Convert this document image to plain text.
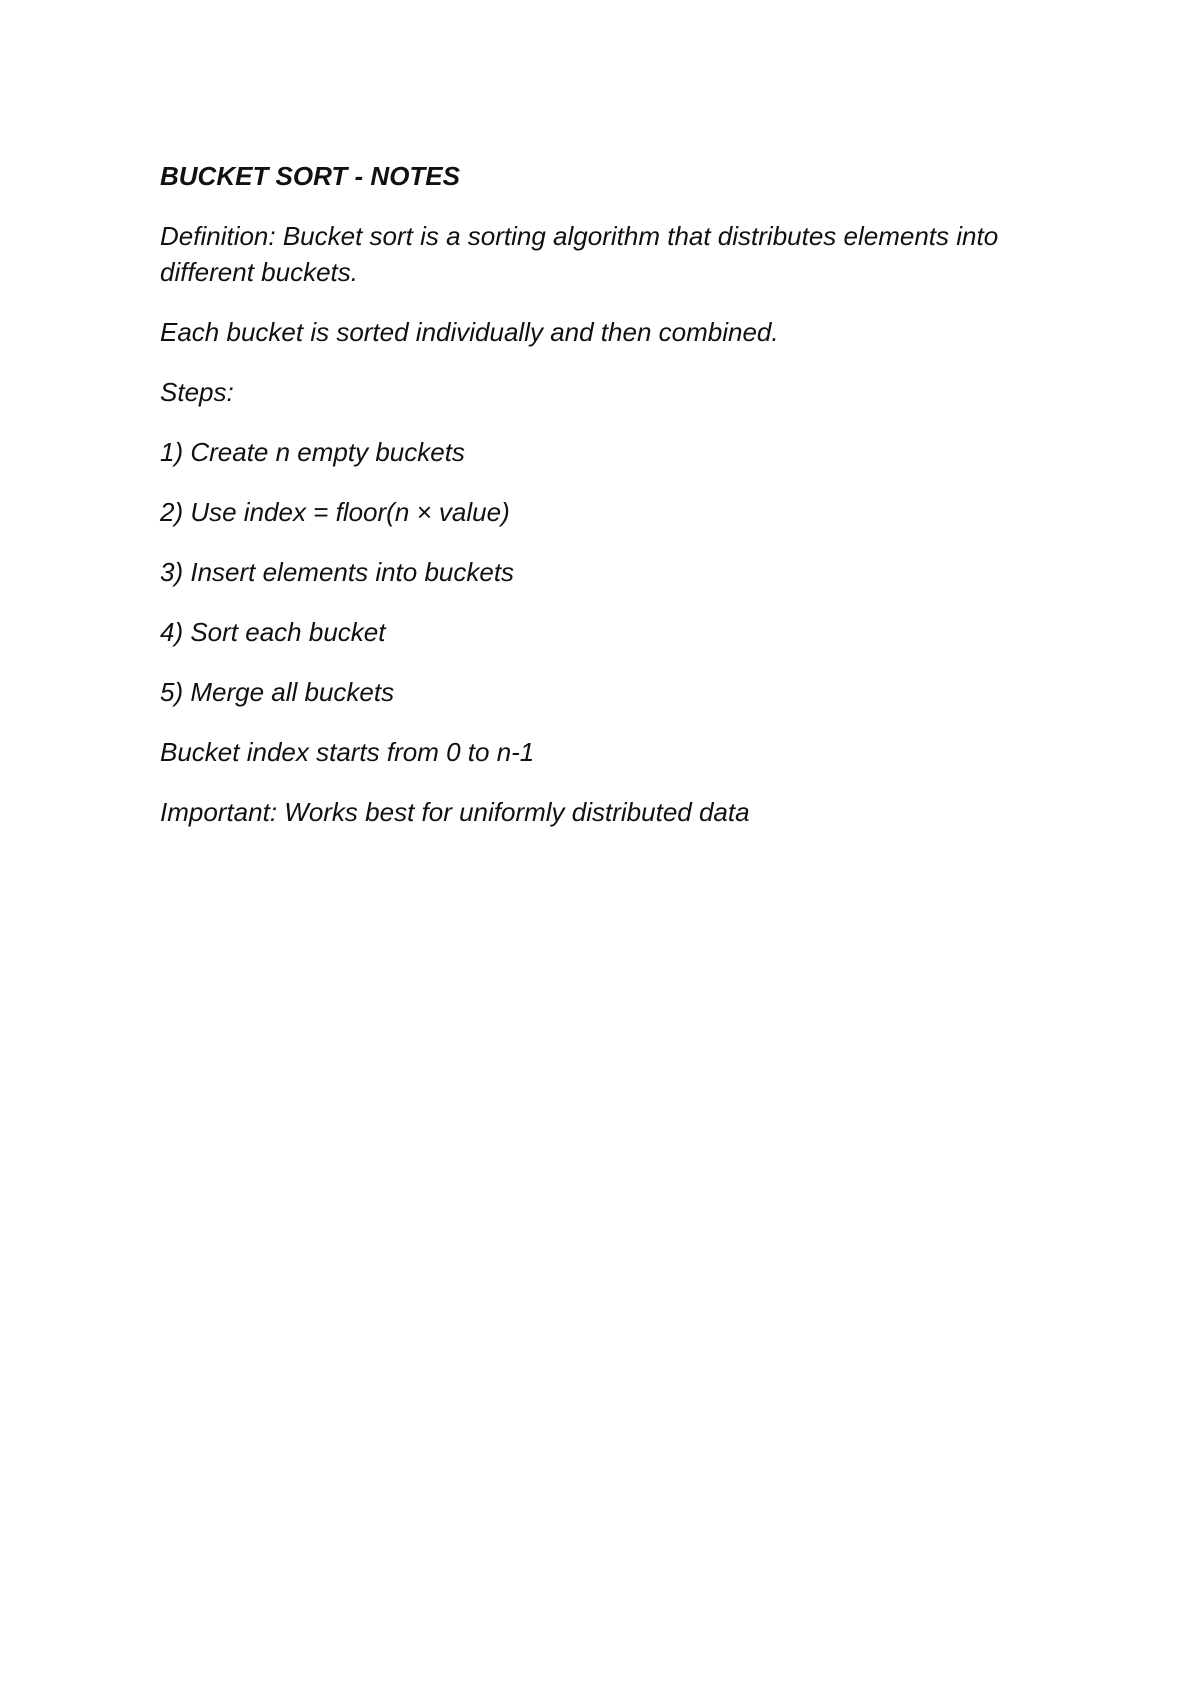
BUCKET SORT - NOTES
Definition: Bucket sort is a sorting algorithm that distributes elements into different buckets.
Each bucket is sorted individually and then combined.
Steps:
1) Create n empty buckets
2) Use index = floor(n × value)
3) Insert elements into buckets
4) Sort each bucket
5) Merge all buckets
Bucket index starts from 0 to n-1
Important: Works best for uniformly distributed data
